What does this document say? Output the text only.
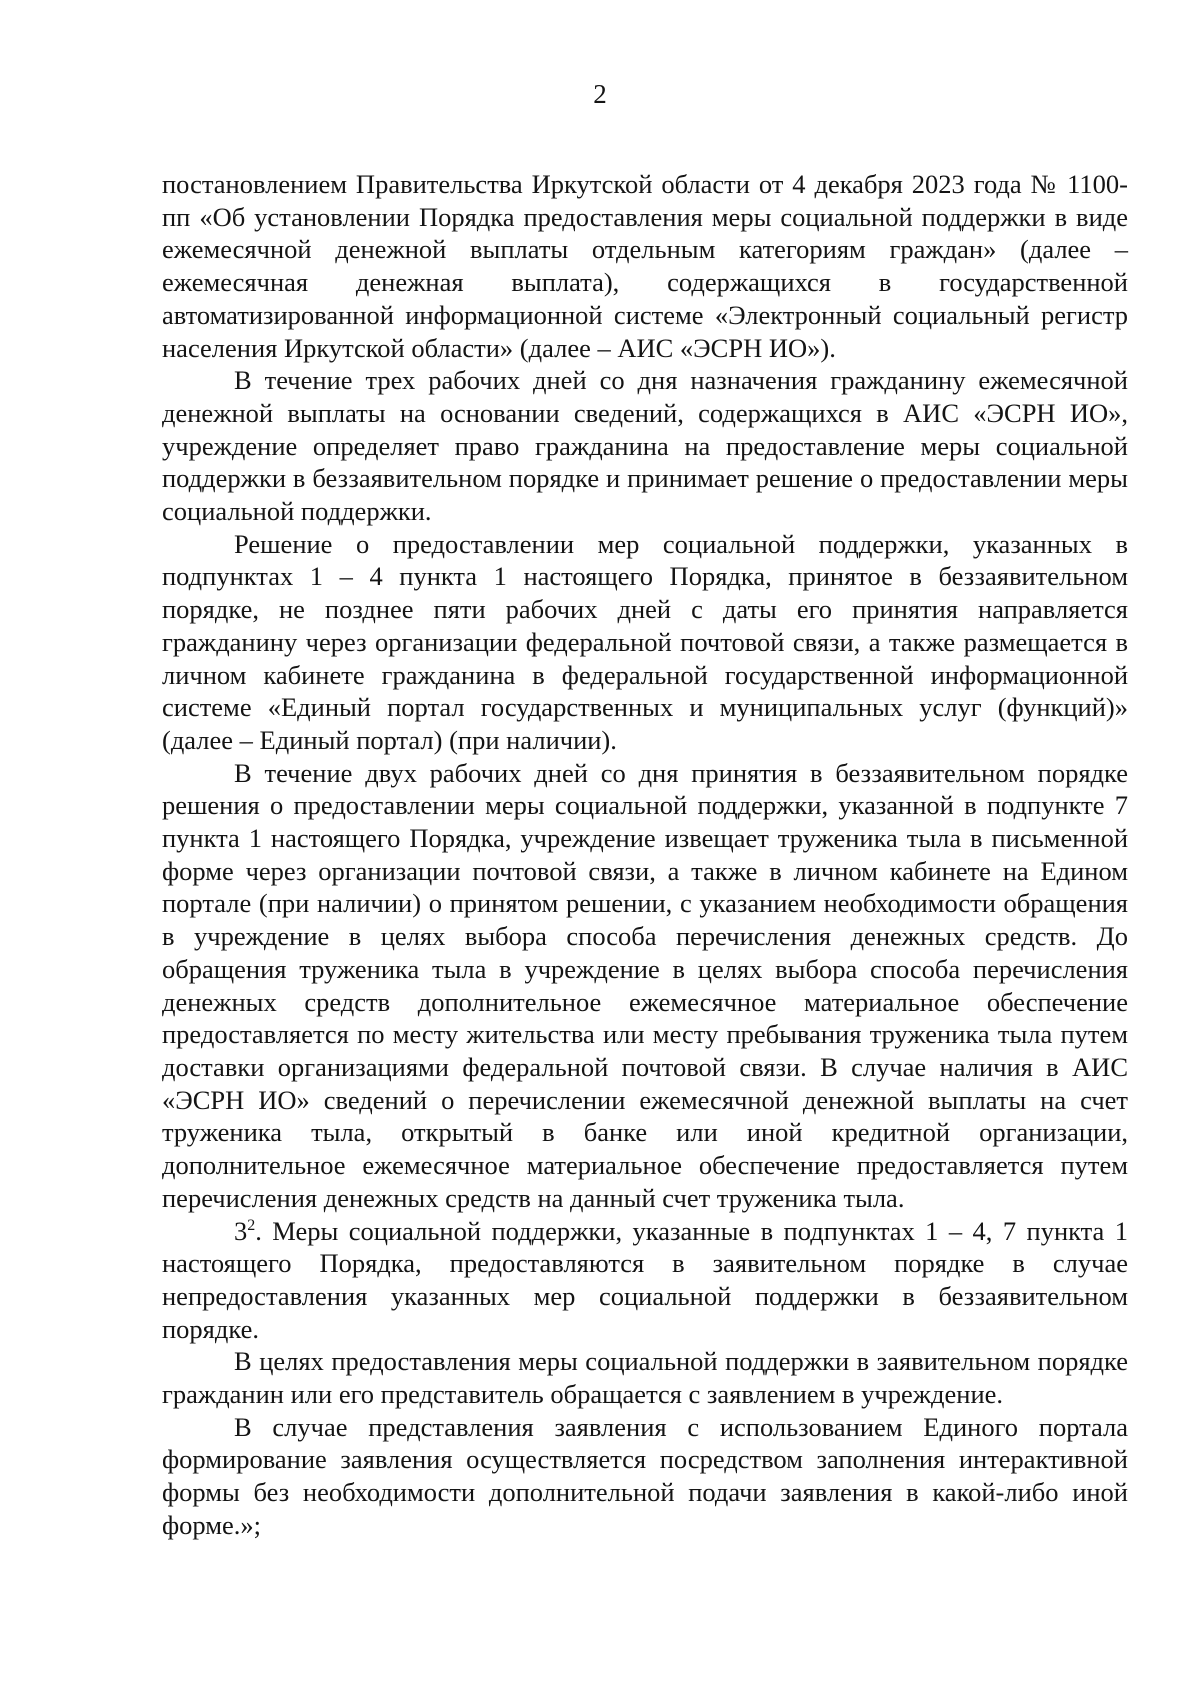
2

постановлением Правительства Иркутской области от 4 декабря 2023 года № 1100-пп «Об установлении Порядка предоставления меры социальной поддержки в виде ежемесячной денежной выплаты отдельным категориям граждан» (далее – ежемесячная денежная выплата), содержащихся в государственной автоматизированной информационной системе «Электронный социальный регистр населения Иркутской области» (далее – АИС «ЭСРН ИО»).

В течение трех рабочих дней со дня назначения гражданину ежемесячной денежной выплаты на основании сведений, содержащихся в АИС «ЭСРН ИО», учреждение определяет право гражданина на предоставление меры социальной поддержки в беззаявительном порядке и принимает решение о предоставлении меры социальной поддержки.

Решение о предоставлении мер социальной поддержки, указанных в подпунктах 1 – 4 пункта 1 настоящего Порядка, принятое в беззаявительном порядке, не позднее пяти рабочих дней с даты его принятия направляется гражданину через организации федеральной почтовой связи, а также размещается в личном кабинете гражданина в федеральной государственной информационной системе «Единый портал государственных и муниципальных услуг (функций)» (далее – Единый портал) (при наличии).

В течение двух рабочих дней со дня принятия в беззаявительном порядке решения о предоставлении меры социальной поддержки, указанной в подпункте 7 пункта 1 настоящего Порядка, учреждение извещает труженика тыла в письменной форме через организации почтовой связи, а также в личном кабинете на Едином портале (при наличии) о принятом решении, с указанием необходимости обращения в учреждение в целях выбора способа перечисления денежных средств. До обращения труженика тыла в учреждение в целях выбора способа перечисления денежных средств дополнительное ежемесячное материальное обеспечение предоставляется по месту жительства или месту пребывания труженика тыла путем доставки организациями федеральной почтовой связи. В случае наличия в АИС «ЭСРН ИО» сведений о перечислении ежемесячной денежной выплаты на счет труженика тыла, открытый в банке или иной кредитной организации, дополнительное ежемесячное материальное обеспечение предоставляется путем перечисления денежных средств на данный счет труженика тыла.

$3^2$. Меры социальной поддержки, указанные в подпунктах 1 – 4, 7 пункта 1 настоящего Порядка, предоставляются в заявительном порядке в случае непредоставления указанных мер социальной поддержки в беззаявительном порядке.

В целях предоставления меры социальной поддержки в заявительном порядке гражданин или его представитель обращается с заявлением в учреждение.

В случае представления заявления с использованием Единого портала формирование заявления осуществляется посредством заполнения интерактивной формы без необходимости дополнительной подачи заявления в какой-либо иной форме.»;
